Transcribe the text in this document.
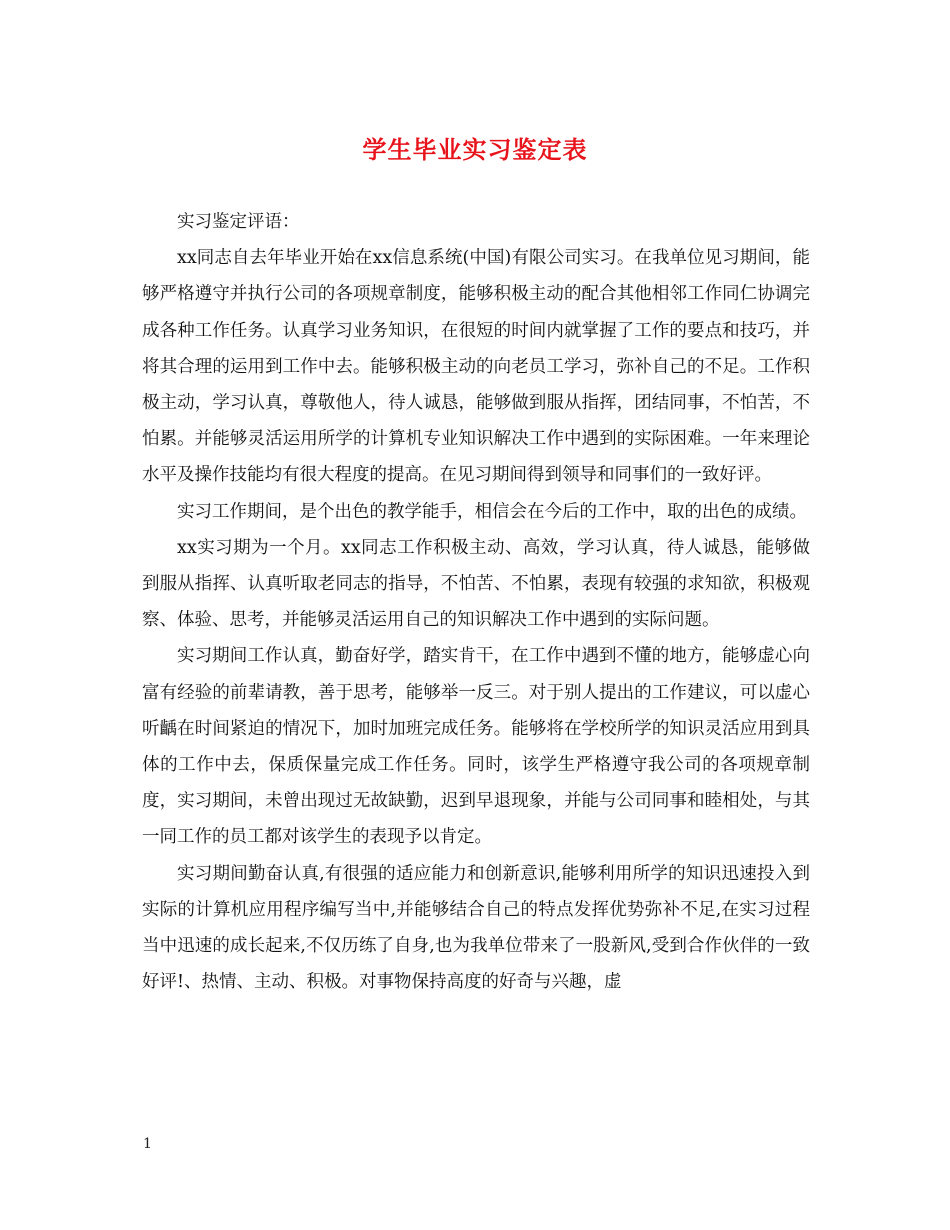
学生毕业实习鉴定表

实习鉴定评语：

xx同志自去年毕业开始在xx信息系统(中国)有限公司实习。在我单位见习期间，能够严格遵守并执行公司的各项规章制度，能够积极主动的配合其他相邻工作同仁协调完成各种工作任务。认真学习业务知识，在很短的时间内就掌握了工作的要点和技巧，并将其合理的运用到工作中去。能够积极主动的向老员工学习，弥补自己的不足。工作积极主动，学习认真，尊敬他人，待人诚恳，能够做到服从指挥，团结同事，不怕苦，不怕累。并能够灵活运用所学的计算机专业知识解决工作中遇到的实际困难。一年来理论水平及操作技能均有很大程度的提高。在见习期间得到领导和同事们的一致好评。

实习工作期间，是个出色的教学能手，相信会在今后的工作中，取的出色的成绩。

xx实习期为一个月。xx同志工作积极主动、高效，学习认真，待人诚恳，能够做到服从指挥、认真听取老同志的指导，不怕苦、不怕累，表现有较强的求知欲，积极观察、体验、思考，并能够灵活运用自己的知识解决工作中遇到的实际问题。

实习期间工作认真，勤奋好学，踏实肯干，在工作中遇到不懂的地方，能够虚心向富有经验的前辈请教，善于思考，能够举一反三。对于别人提出的工作建议，可以虚心听齲在时间紧迫的情况下，加时加班完成任务。能够将在学校所学的知识灵活应用到具体的工作中去，保质保量完成工作任务。同时，该学生严格遵守我公司的各项规章制度，实习期间，未曾出现过无故缺勤，迟到早退现象，并能与公司同事和睦相处，与其一同工作的员工都对该学生的表现予以肯定。

实习期间勤奋认真,有很强的适应能力和创新意识,能够利用所学的知识迅速投入到实际的计算机应用程序编写当中,并能够结合自己的特点发挥优势弥补不足,在实习过程当中迅速的成长起来,不仅历练了自身,也为我单位带来了一股新风,受到合作伙伴的一致好评!、热情、主动、积极。对事物保持高度的好奇与兴趣，虚

1
